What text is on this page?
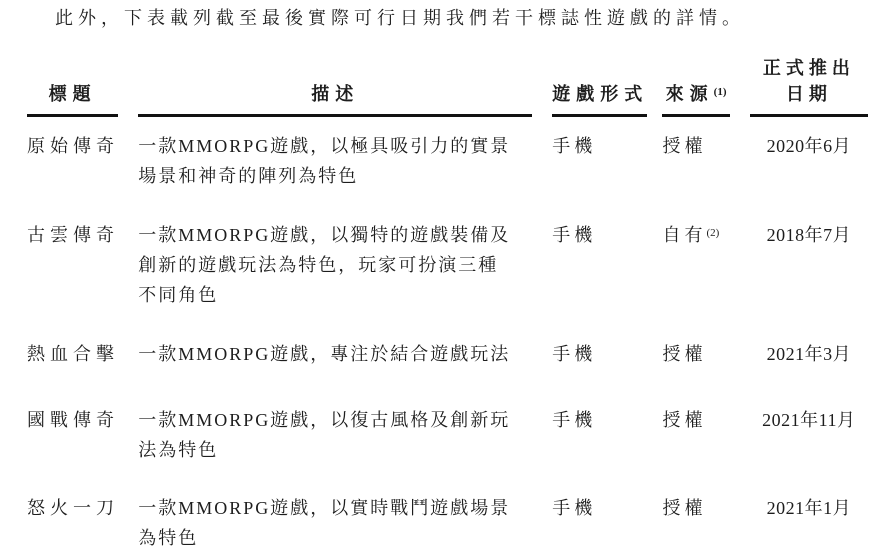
此外，下表載列截至最後實際可行日期我們若干標誌性遊戲的詳情。

標題	描述	遊戲形式	來源$^{(1)}$	正式推出
日期

原始傳奇	一款MMORPG遊戲，以極具吸引力的實景
場景和神奇的陣列為特色	手機	授權	2020年6月
古雲傳奇	一款MMORPG遊戲，以獨特的遊戲裝備及
創新的遊戲玩法為特色，玩家可扮演三種
不同角色	手機	自有$^{(2)}$	2018年7月
熱血合擊	一款MMORPG遊戲，專注於結合遊戲玩法	手機	授權	2021年3月
國戰傳奇	一款MMORPG遊戲，以復古風格及創新玩
法為特色	手機	授權	2021年11月
怒火一刀	一款MMORPG遊戲，以實時戰鬥遊戲場景
為特色	手機	授權	2021年1月
